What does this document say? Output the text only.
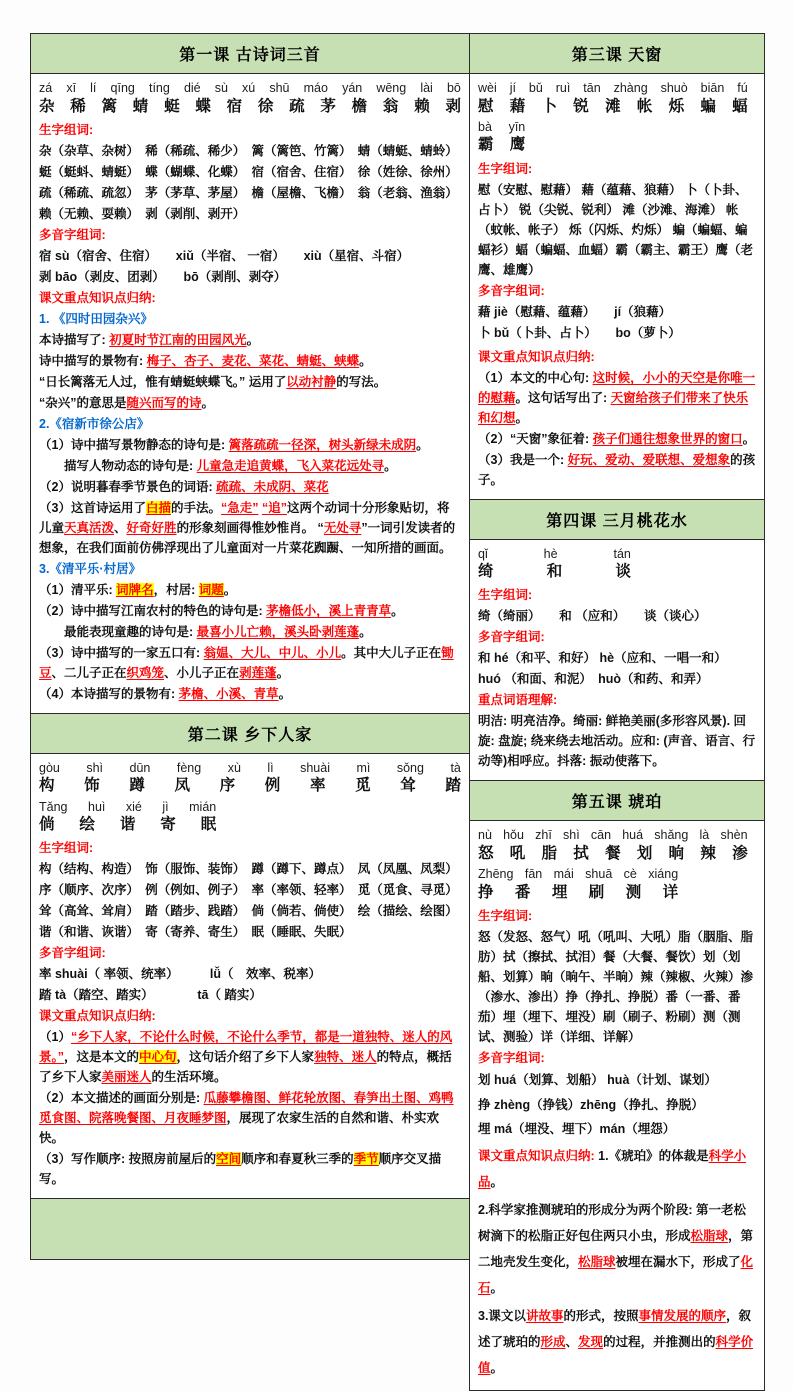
第一课 古诗词三首
zá xī lí qīng tíng dié sù xú shū máo yán wēng lài bō
杂 稀 篱 蜻 蜓 蝶 宿 徐 疏 茅 檐 翁 赖 剥
生字组词:
杂（杂草、杂树）　稀（稀疏、稀少）　篱（篱笆、竹篱）　蜻（蜻蜓、蜻蛉）
蜓（蜓蚪、蜻蜓）　蝶（蝴蝶、化蝶）　宿（宿舍、住宿）　徐（姓徐、徐州）
疏（稀疏、疏忽）　茅（茅草、茅屋）　檐（屋檐、飞檐）　翁（老翁、渔翁）
赖（无赖、耍赖）　剥（剥削、剥开）
多音字组词:
宿 sù（宿舍、住宿）　　xiǔ（半宿、 一宿）　　xiù（星宿、斗宿）
剥 bāo（剥皮、团剥）　　bō（剥削、剥夺）
课文重点知识点归纳:
1. 《四时田园杂兴》
本诗描写了: 初夏时节江南的田园风光。
诗中描写的景物有: 梅子、杏子、麦花、菜花、蜻蜓、蛱蝶。
“日长篱落无人过，惟有蜻蜓蛱蝶飞。” 运用了以动衬静的写法。
“杂兴”的意思是随兴而写的诗。
2.《宿新市徐公店》
（1）诗中描写景物静态的诗句是: 篱落疏疏一径深，树头新绿未成阴。
　　描写人物动态的诗句是: 儿童急走追黄蝶，飞入菜花远处寻。
（2）说明暮春季节景色的词语: 疏疏、未成阴、菜花
（3）这首诗运用了白描的手法。“急走” “追”这两个动词十分形象贴切，将儿童天真活泼、好奇好胜的形象刻画得惟妙惟肖。 “无处寻”一词引发读者的想象，在我们面前仿佛浮现出了儿童面对一片菜花踟蹰、一知所措的画面。
3.《清平乐·村居》
（1）清平乐: 词牌名，村居: 词题。
（2）诗中描写江南农村的特色的诗句是: 茅檐低小，溪上青青草。
　　最能表现童趣的诗句是: 最喜小儿亡赖，溪头卧剥莲蓬。
（3）诗中描写的一家五口有: 翁媪、大儿、中儿、小儿。其中大儿子正在锄豆、二儿子正在织鸡笼、小儿子正在剥莲蓬。
（4）本诗描写的景物有: 茅檐、小溪、青草。
第二课 乡下人家
gòu shì dūn fèng xù lì shuài mì sǒng tà
构 饰 蹲 凤 序 例 率 觅 耸 踏
Tǎng huì xié jì mián
倘 绘 谐 寄 眠
生字组词:
构（结构、构造）　饰（服饰、装饰）　蹲（蹲下、蹲点）　凤（凤凰、凤梨）
序（顺序、次序）　例（例如、例子）　率（率领、轻率）　觅（觅食、寻觅）
耸（高耸、耸肩）　踏（踏步、践踏）　倘（倘若、倘使）　绘（描绘、绘图）
谐（和谐、诙谐）　寄（寄养、寄生）　眠（睡眠、失眠）
多音字组词:
率 shuài（ 率领、统率）　　　lǚ（　效率、税率）
踏 tà（踏空、踏实）　　　　tā（ 踏实）
课文重点知识点归纳:
（1）“乡下人家，不论什么时候，不论什么季节，都是一道独特、迷人的风景。”，这是本文的中心句，这句话介绍了乡下人家独特、迷人的特点，概括了乡下人家美丽迷人的生活环境。
（2）本文描述的画面分别是: 瓜藤攀檐图、鲜花轮放图、春笋出土图、鸡鸭觅食图、院落晚餐图、月夜睡梦图，展现了农家生活的自然和谐、朴实欢快。
（3）写作顺序: 按照房前屋后的空间顺序和春夏秋三季的季节顺序交叉描写。
第三课 天窗
wèi jí bǔ ruì tān zhàng shuò biān fú
慰 藉 卜 锐 滩 帐 烁 蝙 蝠
bà yīn
霸 鹰
生字组词:
慰（安慰、慰藉） 藉（蕴藉、狼藉） 卜（卜卦、占卜） 锐（尖锐、锐利） 滩（沙滩、海滩） 帐（蚊帐、帐子） 烁（闪烁、灼烁） 蝙（蝙蝠、蝙蝠衫）蝠（蝙蝠、血蝠）霸（霸主、霸王）鹰（老鹰、雄鹰）
多音字组词:
藉 jiè（慰藉、蕴藉）　　jí（狼藉）
卜 bǔ（卜卦、占卜）　　bo（萝卜）
课文重点知识点归纳:
（1）本文的中心句: 这时候，小小的天空是你唯一的慰藉。这句话写出了: 天窗给孩子们带来了快乐和幻想。
（2）“天窗”象征着: 孩子们通往想象世界的窗口。
（3）我是一个: 好玩、爱动、爱联想、爱想象的孩子。
第四课 三月桃花水
qǐ	hè	tán
绮	和	谈
生字组词:
绮（绮丽）　　和 （应和）　　谈（谈心）
多音字组词:
和 hé（和平、和好） hè（应和、一唱一和）
huó （和面、和泥）　huò（和药、和弄）
重点词语理解:
明洁: 明亮洁净。绮丽: 鲜艳美丽(多形容风景). 回旋: 盘旋; 绕来绕去地活动。应和: (声音、语言、行动等)相呼应。抖落: 振动使落下。
第五课 琥珀
nù hǒu zhī shì cān huá shǎng là shèn
怒 吼 脂 拭 餐 划 晌 辣 渗
Zhēng fān mái shuā cè xiáng
挣 番 埋 刷 测 详
生字组词:
怒（发怒、怒气）吼（吼叫、大吼）脂（胭脂、脂肪）拭（擦拭、拭泪）餐（大餐、餐饮）划（划船、划算）晌（晌午、半晌）辣（辣椒、火辣）渗（渗水、渗出）挣（挣扎、挣脱）番（一番、番茄）埋（埋下、埋没）刷（刷子、粉刷）测（测试、测验）详（详细、详解）
多音字组词:
划 huá（划算、划船） huà（计划、谋划）
挣 zhèng（挣钱）zhēng（挣扎、挣脱）
埋 má（埋没、埋下）mán（埋怨）
课文重点知识点归纳: 1.《琥珀》的体裁是科学小品。
2.科学家推测琥珀的形成分为两个阶段: 第一老松树滴下的松脂正好包住两只小虫，形成松脂球，第二地壳发生变化，松脂球被埋在漏水下，形成了化石。
3.课文以讲故事的形式，按照事情发展的顺序，叙述了琥珀的形成、发现的过程，并推测出的科学价值。
